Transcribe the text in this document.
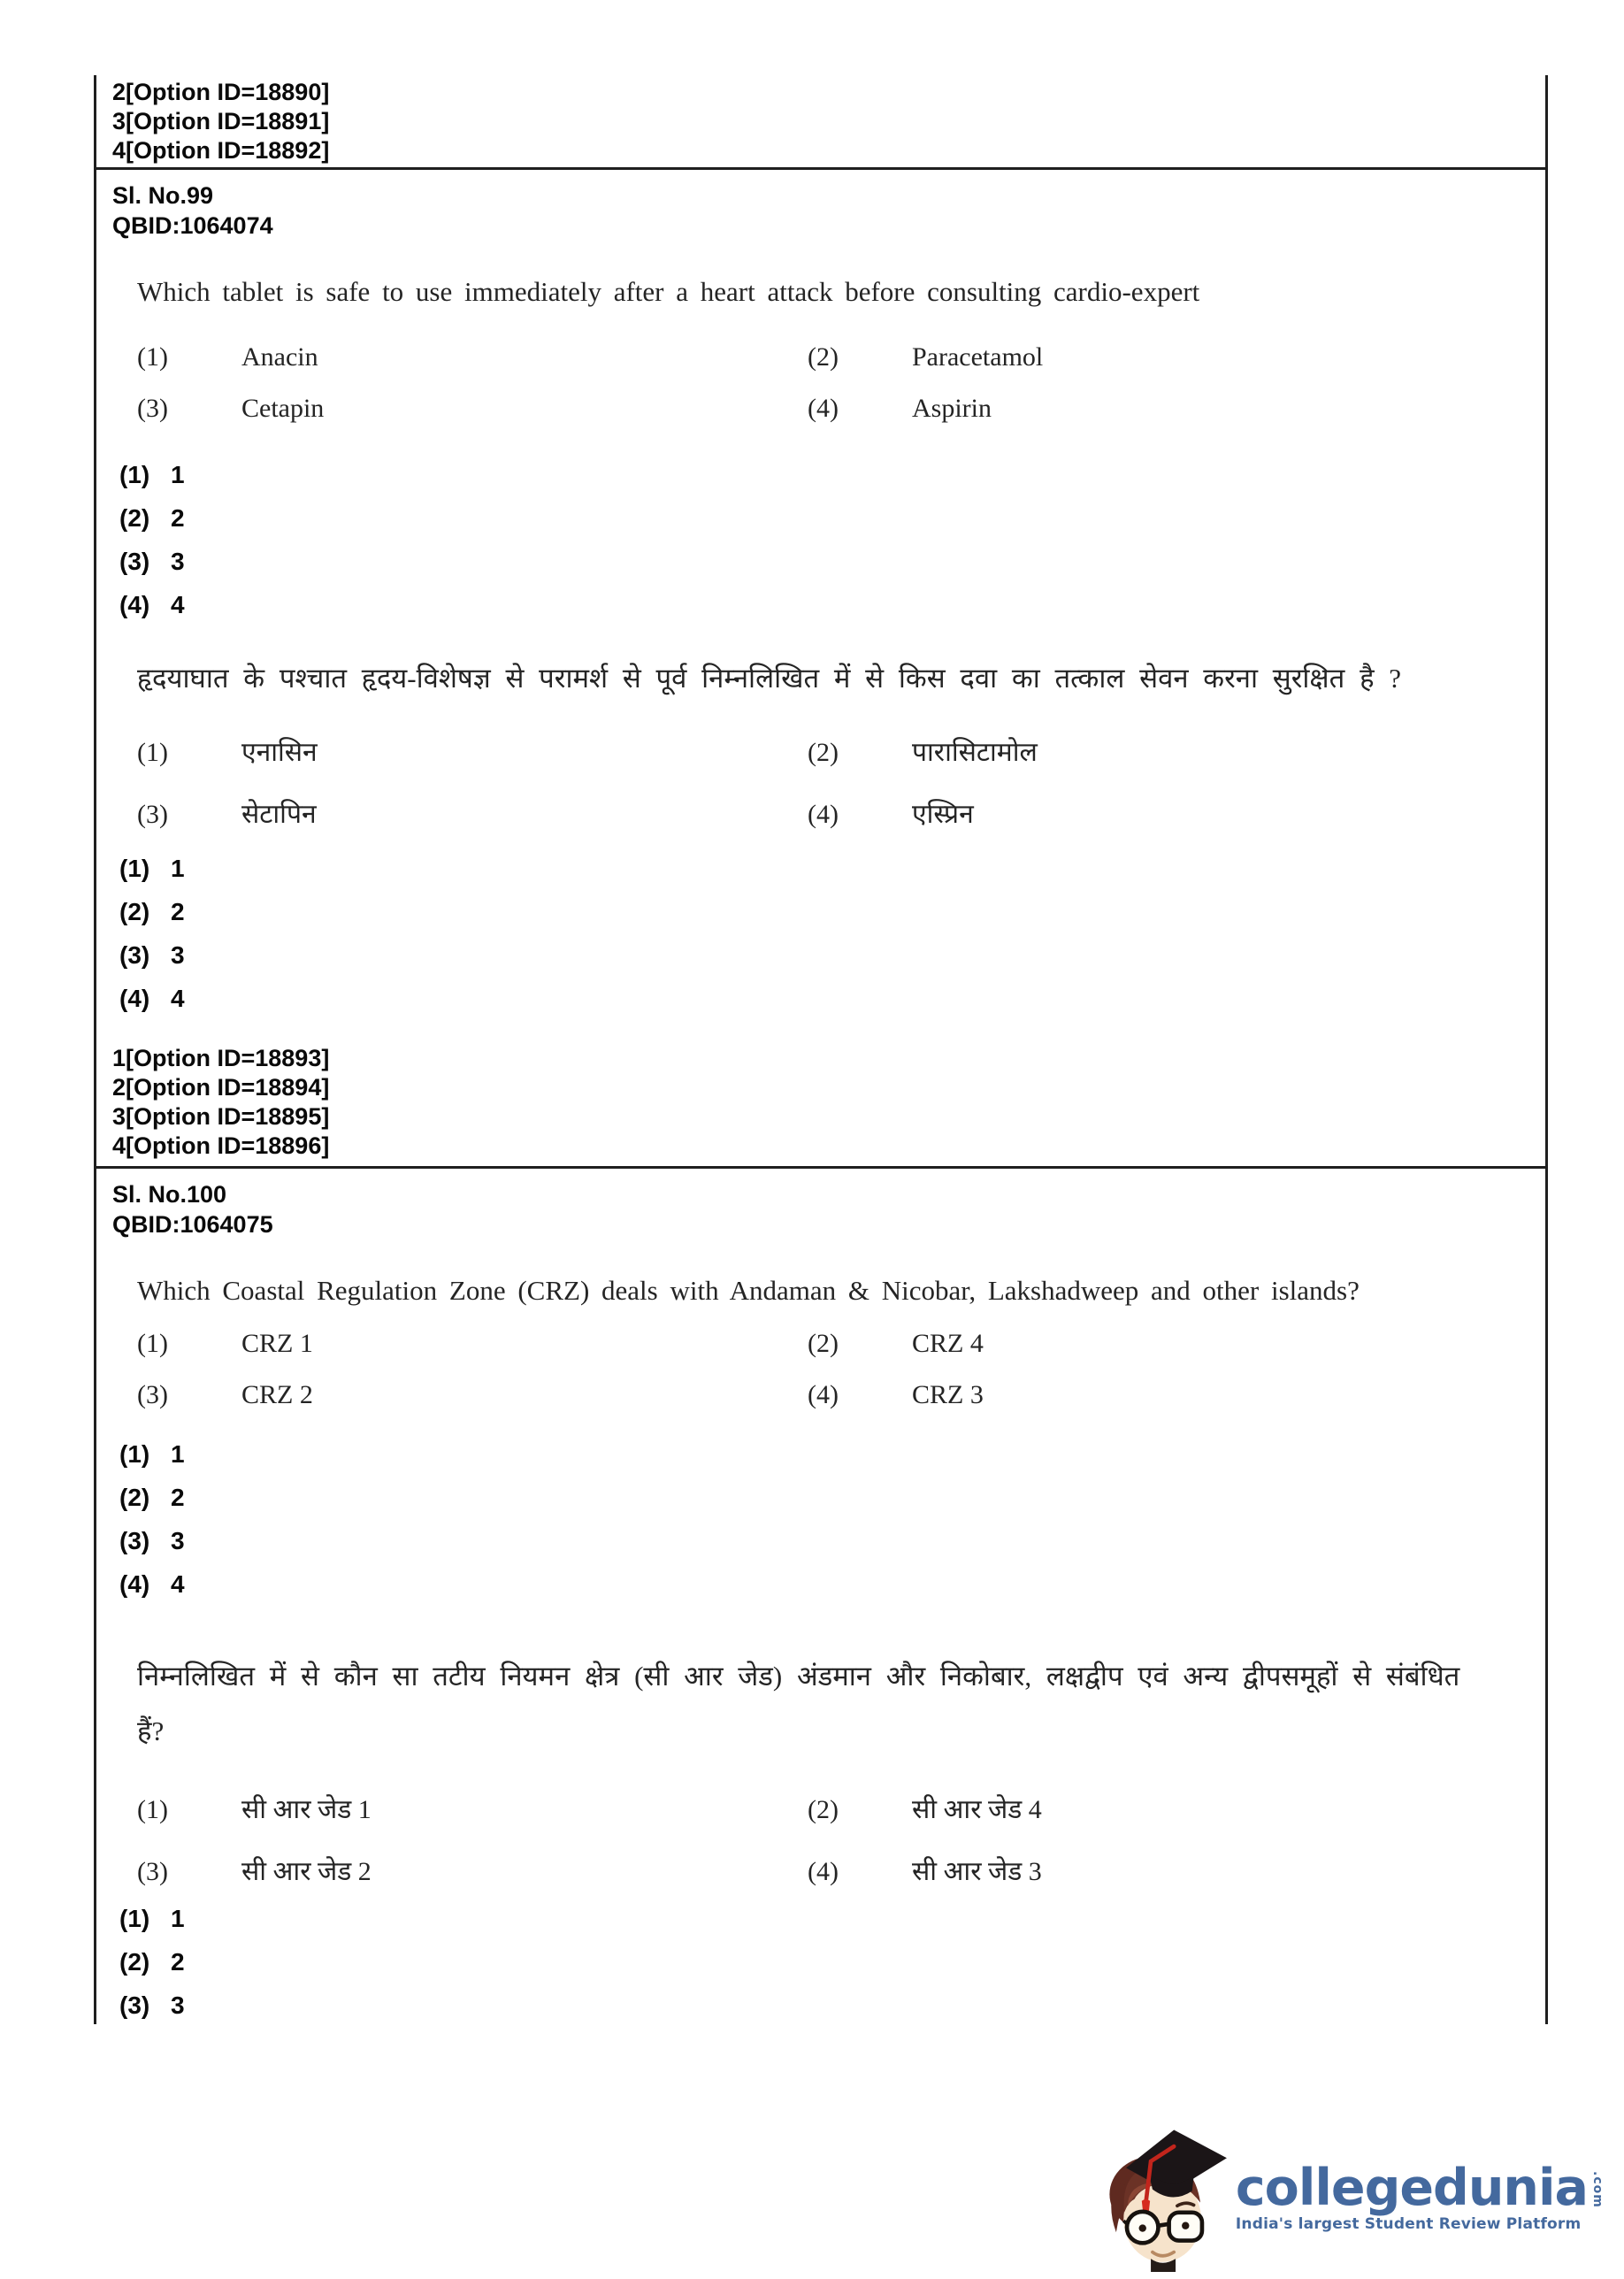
2[Option ID=18890]
3[Option ID=18891]
4[Option ID=18892]
Sl. No.99
QBID:1064074

Which tablet is safe to use immediately after a heart attack before consulting cardio-expert

(1)	Anacin	(2)	Paracetamol
(3)	Cetapin	(4)	Aspirin
(1) 1
(2) 2
(3) 3
(4) 4

हृदयाघात के पश्चात हृदय-विशेषज्ञ से परामर्श से पूर्व निम्नलिखित में से किस दवा का तत्काल सेवन करना सुरक्षित है ?

(1)	एनासिन	(2)	पारासिटामोल
(3)	सेटापिन	(4)	एस्प्रिन
(1) 1
(2) 2
(3) 3
(4) 4
1[Option ID=18893]
2[Option ID=18894]
3[Option ID=18895]
4[Option ID=18896]
Sl. No.100
QBID:1064075

Which Coastal Regulation Zone (CRZ) deals with Andaman & Nicobar, Lakshadweep and other islands?

(1)	CRZ 1	(2)	CRZ 4
(3)	CRZ 2	(4)	CRZ 3
(1) 1
(2) 2
(3) 3
(4) 4

निम्नलिखित में से कौन सा तटीय नियमन क्षेत्र (सी आर जेड) अंडमान और निकोबार, लक्षद्वीप एवं अन्य द्वीपसमूहों से संबंधित हैं?

(1)	सी आर जेड 1	(2)	सी आर जेड 4
(3)	सी आर जेड 2	(4)	सी आर जेड 3
(1) 1
(2) 2
(3) 3
collegedunia .com
India's largest Student Review Platform
